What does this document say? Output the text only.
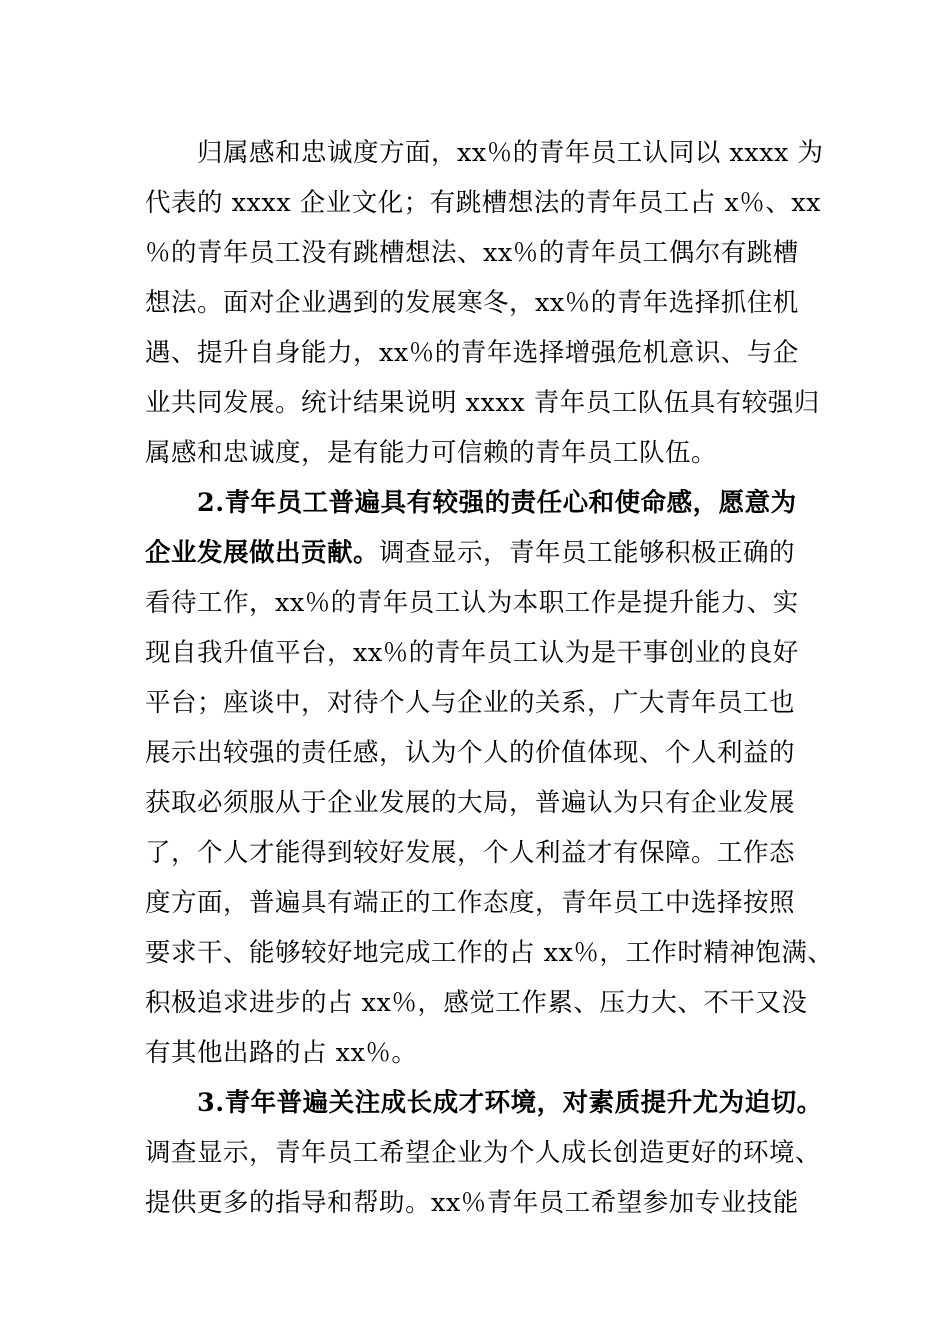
归属感和忠诚度方面，xx％的青年员工认同以 xxxx 为
代表的 xxxx 企业文化；有跳槽想法的青年员工占 x％、xx
％的青年员工没有跳槽想法、xx％的青年员工偶尔有跳槽
想法。面对企业遇到的发展寒冬，xx％的青年选择抓住机
遇、提升自身能力，xx％的青年选择增强危机意识、与企
业共同发展。统计结果说明 xxxx 青年员工队伍具有较强归
属感和忠诚度，是有能力可信赖的青年员工队伍。
2.青年员工普遍具有较强的责任心和使命感，愿意为
企业发展做出贡献。调查显示，青年员工能够积极正确的
看待工作，xx％的青年员工认为本职工作是提升能力、实
现自我升值平台，xx％的青年员工认为是干事创业的良好
平台；座谈中，对待个人与企业的关系，广大青年员工也
展示出较强的责任感，认为个人的价值体现、个人利益的
获取必须服从于企业发展的大局，普遍认为只有企业发展
了，个人才能得到较好发展，个人利益才有保障。工作态
度方面，普遍具有端正的工作态度，青年员工中选择按照
要求干、能够较好地完成工作的占 xx％，工作时精神饱满、
积极追求进步的占 xx％，感觉工作累、压力大、不干又没
有其他出路的占 xx％。
3.青年普遍关注成长成才环境，对素质提升尤为迫切。
调查显示，青年员工希望企业为个人成长创造更好的环境、
提供更多的指导和帮助。xx％青年员工希望参加专业技能
